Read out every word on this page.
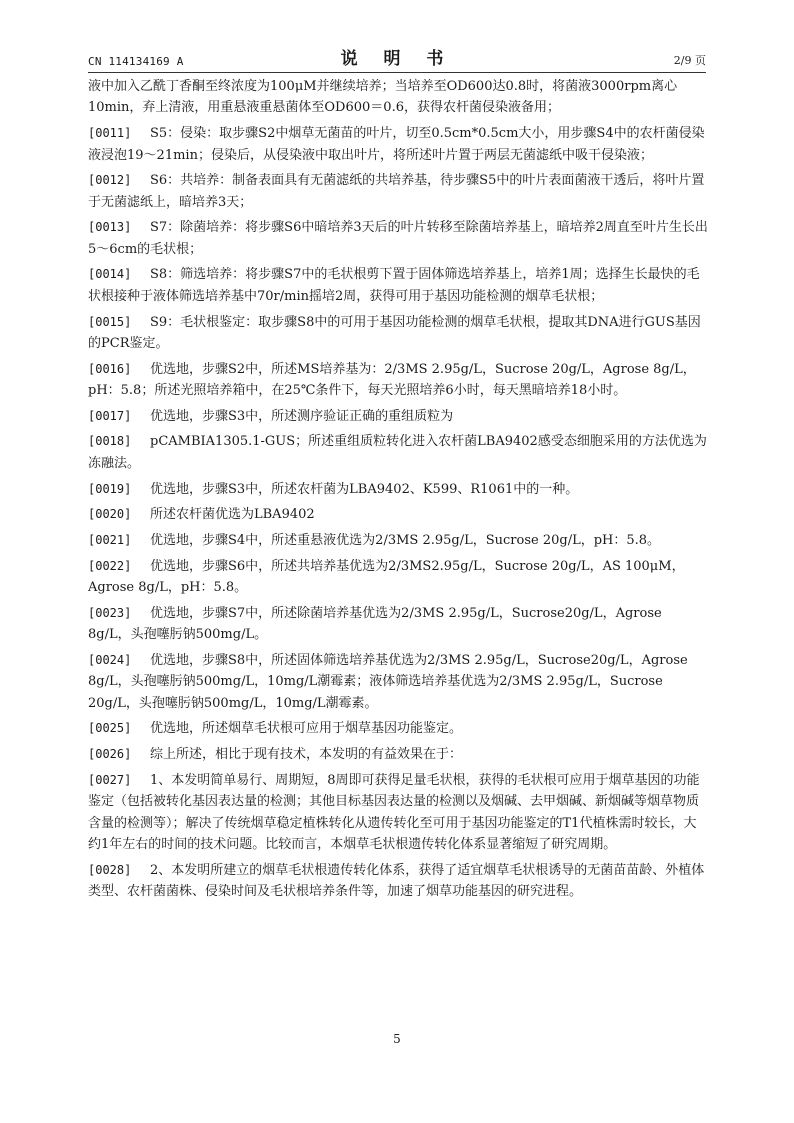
CN 114134169 A	说 明 书	2/9 页

液中加入乙酰丁香酮至终浓度为100μM并继续培养；当培养至OD600达0.8时，将菌液3000rpm离心10min，弃上清液，用重悬液重悬菌体至OD600＝0.6，获得农杆菌侵染液备用；

[0011] S5：侵染：取步骤S2中烟草无菌苗的叶片，切至0.5cm*0.5cm大小，用步骤S4中的农杆菌侵染液浸泡19～21min；侵染后，从侵染液中取出叶片，将所述叶片置于两层无菌滤纸中吸干侵染液；

[0012] S6：共培养：制备表面具有无菌滤纸的共培养基，待步骤S5中的叶片表面菌液干透后，将叶片置于无菌滤纸上，暗培养3天；

[0013] S7：除菌培养：将步骤S6中暗培养3天后的叶片转移至除菌培养基上，暗培养2周直至叶片生长出5～6cm的毛状根；

[0014] S8：筛选培养：将步骤S7中的毛状根剪下置于固体筛选培养基上，培养1周；选择生长最快的毛状根接种于液体筛选培养基中70r/min摇培2周，获得可用于基因功能检测的烟草毛状根；

[0015] S9：毛状根鉴定：取步骤S8中的可用于基因功能检测的烟草毛状根，提取其DNA进行GUS基因的PCR鉴定。

[0016] 优选地，步骤S2中，所述MS培养基为：2/3MS 2.95g/L，Sucrose 20g/L，Agrose 8g/L，pH：5.8；所述光照培养箱中，在25℃条件下，每天光照培养6小时，每天黑暗培养18小时。

[0017] 优选地，步骤S3中，所述测序验证正确的重组质粒为

[0018] pCAMBIA1305.1-GUS；所述重组质粒转化进入农杆菌LBA9402感受态细胞采用的方法优选为冻融法。

[0019] 优选地，步骤S3中，所述农杆菌为LBA9402、K599、R1061中的一种。

[0020] 所述农杆菌优选为LBA9402

[0021] 优选地，步骤S4中，所述重悬液优选为2/3MS 2.95g/L，Sucrose 20g/L，pH：5.8。

[0022] 优选地，步骤S6中，所述共培养基优选为2/3MS2.95g/L，Sucrose 20g/L，AS 100μM，Agrose 8g/L，pH：5.8。

[0023] 优选地，步骤S7中，所述除菌培养基优选为2/3MS 2.95g/L，Sucrose20g/L，Agrose 8g/L，头孢噻肟钠500mg/L。

[0024] 优选地，步骤S8中，所述固体筛选培养基优选为2/3MS 2.95g/L，Sucrose20g/L，Agrose 8g/L，头孢噻肟钠500mg/L，10mg/L潮霉素；液体筛选培养基优选为2/3MS 2.95g/L，Sucrose 20g/L，头孢噻肟钠500mg/L，10mg/L潮霉素。

[0025] 优选地，所述烟草毛状根可应用于烟草基因功能鉴定。

[0026] 综上所述，相比于现有技术，本发明的有益效果在于：

[0027] 1、本发明简单易行、周期短，8周即可获得足量毛状根，获得的毛状根可应用于烟草基因的功能鉴定（包括被转化基因表达量的检测；其他目标基因表达量的检测以及烟碱、去甲烟碱、新烟碱等烟草物质含量的检测等）；解决了传统烟草稳定植株转化从遗传转化至可用于基因功能鉴定的T1代植株需时较长，大约1年左右的时间的技术问题。比较而言，本烟草毛状根遗传转化体系显著缩短了研究周期。

[0028] 2、本发明所建立的烟草毛状根遗传转化体系，获得了适宜烟草毛状根诱导的无菌苗苗龄、外植体类型、农杆菌菌株、侵染时间及毛状根培养条件等，加速了烟草功能基因的研究进程。

5
